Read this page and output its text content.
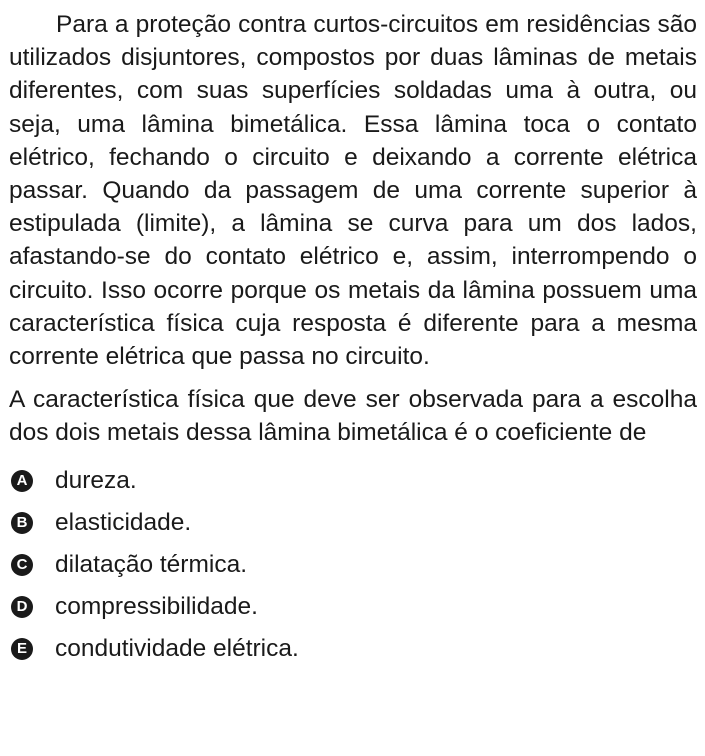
Para a proteção contra curtos-circuitos em residências são utilizados disjuntores, compostos por duas lâminas de metais diferentes, com suas superfícies soldadas uma à outra, ou seja, uma lâmina bimetálica. Essa lâmina toca o contato elétrico, fechando o circuito e deixando a corrente elétrica passar. Quando da passagem de uma corrente superior à estipulada (limite), a lâmina se curva para um dos lados, afastando-se do contato elétrico e, assim, interrompendo o circuito. Isso ocorre porque os metais da lâmina possuem uma característica física cuja resposta é diferente para a mesma corrente elétrica que passa no circuito.

A característica física que deve ser observada para a escolha dos dois metais dessa lâmina bimetálica é o coeficiente de

A dureza.
B elasticidade.
C dilatação térmica.
D compressibilidade.
E condutividade elétrica.
